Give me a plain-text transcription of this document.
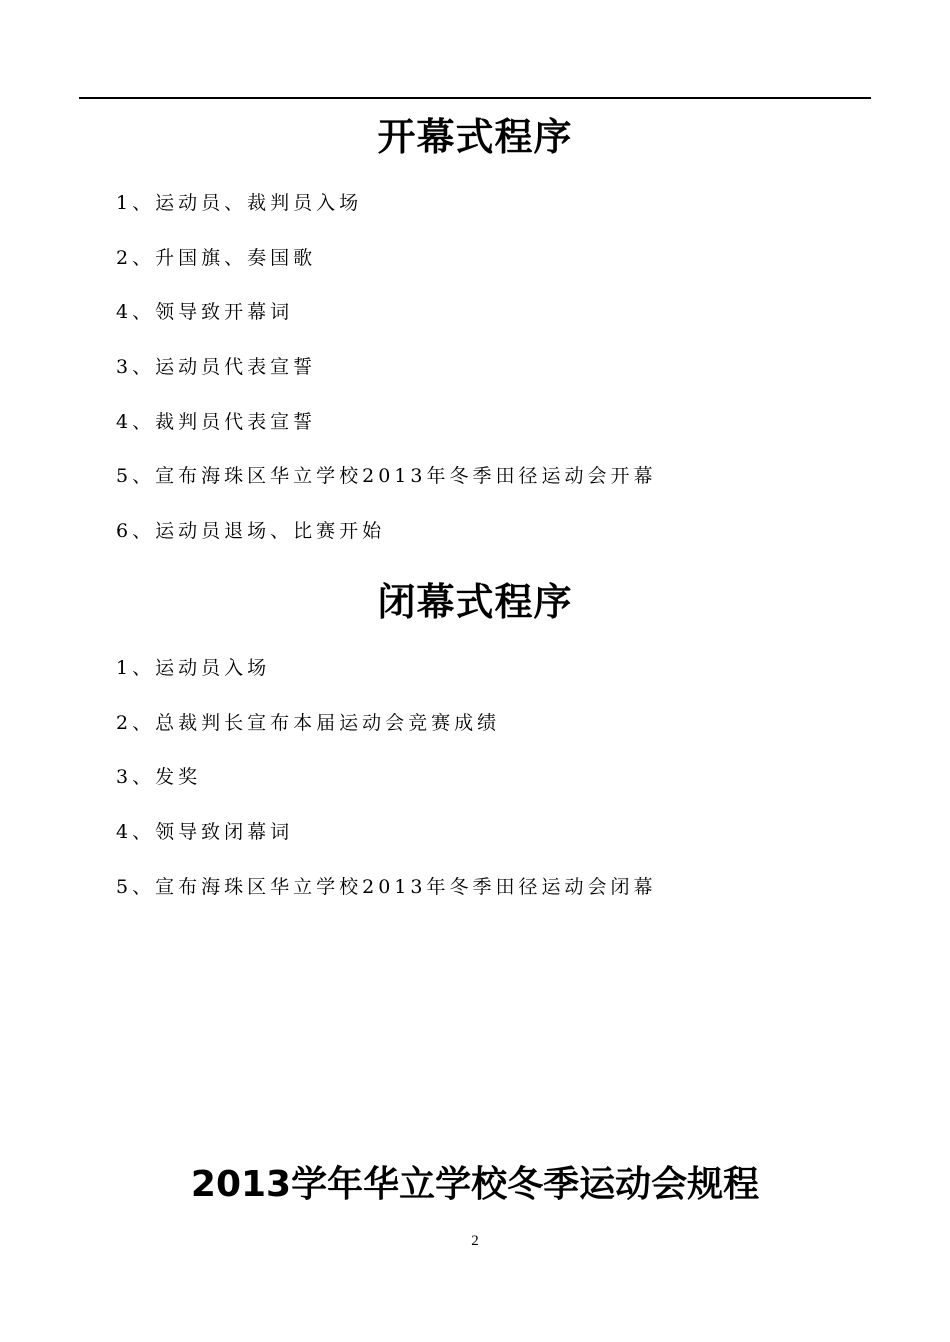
开幕式程序
1、运动员、裁判员入场
2、升国旗、奏国歌
4、领导致开幕词
3、运动员代表宣誓
4、裁判员代表宣誓
5、宣布海珠区华立学校2013年冬季田径运动会开幕
6、运动员退场、比赛开始
闭幕式程序
1、运动员入场
2、总裁判长宣布本届运动会竞赛成绩
3、发奖
4、领导致闭幕词
5、宣布海珠区华立学校2013年冬季田径运动会闭幕
2013学年华立学校冬季运动会规程
2
